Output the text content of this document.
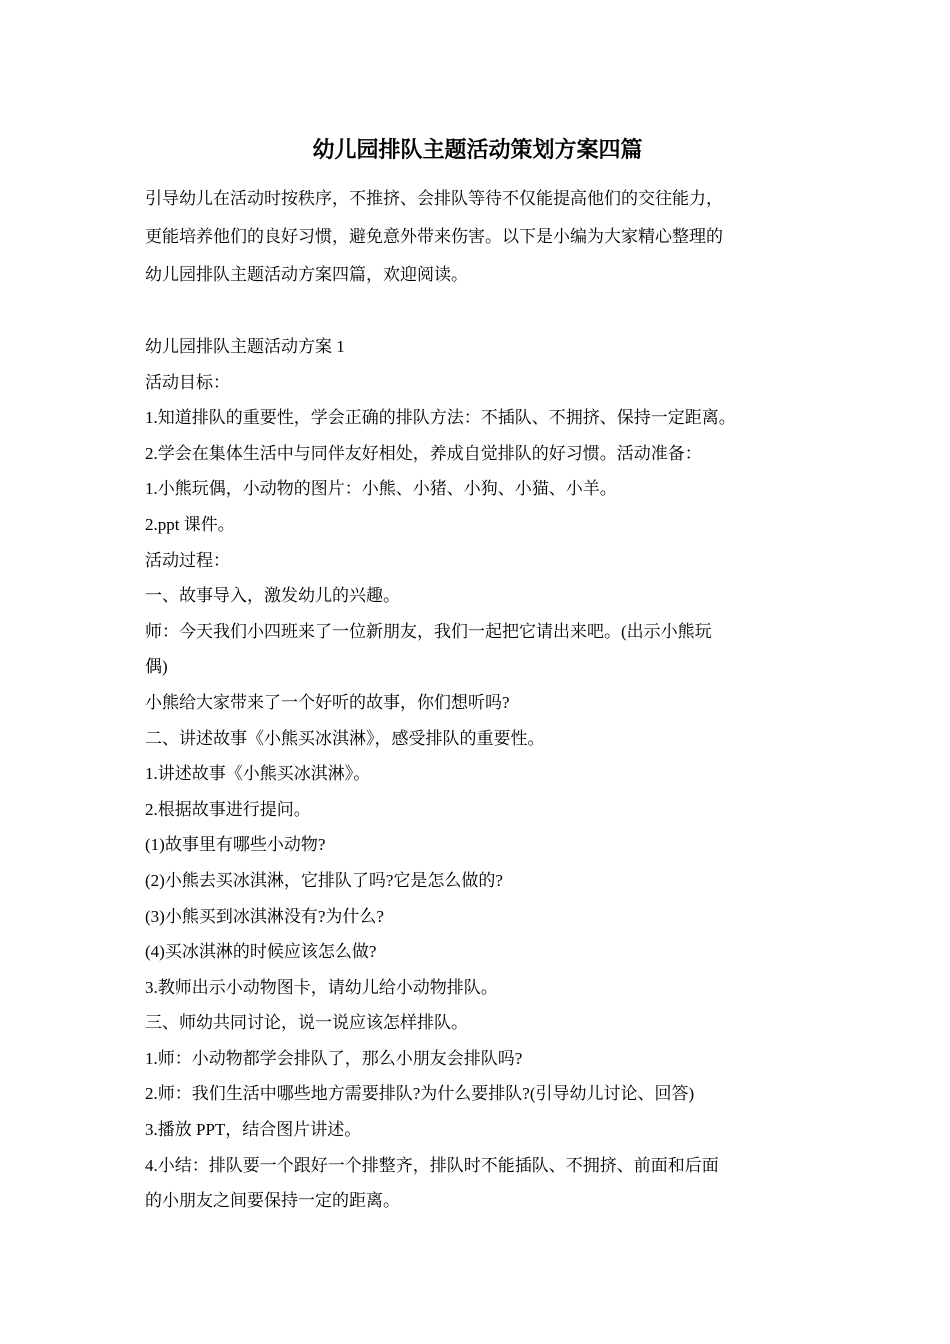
幼儿园排队主题活动策划方案四篇

引导幼儿在活动时按秩序，不推挤、会排队等待不仅能提高他们的交往能力，

更能培养他们的良好习惯，避免意外带来伤害。以下是小编为大家精心整理的

幼儿园排队主题活动方案四篇，欢迎阅读。

幼儿园排队主题活动方案 1

活动目标：

1.知道排队的重要性，学会正确的排队方法：不插队、不拥挤、保持一定距离。

2.学会在集体生活中与同伴友好相处，养成自觉排队的好习惯。活动准备：

1.小熊玩偶，小动物的图片：小熊、小猪、小狗、小猫、小羊。

2.ppt 课件。

活动过程：

一、故事导入，激发幼儿的兴趣。

师：今天我们小四班来了一位新朋友，我们一起把它请出来吧。(出示小熊玩

偶)

小熊给大家带来了一个好听的故事，你们想听吗?

二、讲述故事《小熊买冰淇淋》，感受排队的重要性。

1.讲述故事《小熊买冰淇淋》。

2.根据故事进行提问。

(1)故事里有哪些小动物?

(2)小熊去买冰淇淋，它排队了吗?它是怎么做的?

(3)小熊买到冰淇淋没有?为什么?

(4)买冰淇淋的时候应该怎么做?

3.教师出示小动物图卡，请幼儿给小动物排队。

三、师幼共同讨论，说一说应该怎样排队。

1.师：小动物都学会排队了，那么小朋友会排队吗?

2.师：我们生活中哪些地方需要排队?为什么要排队?(引导幼儿讨论、回答)

3.播放 PPT，结合图片讲述。

4.小结：排队要一个跟好一个排整齐，排队时不能插队、不拥挤、前面和后面

的小朋友之间要保持一定的距离。
